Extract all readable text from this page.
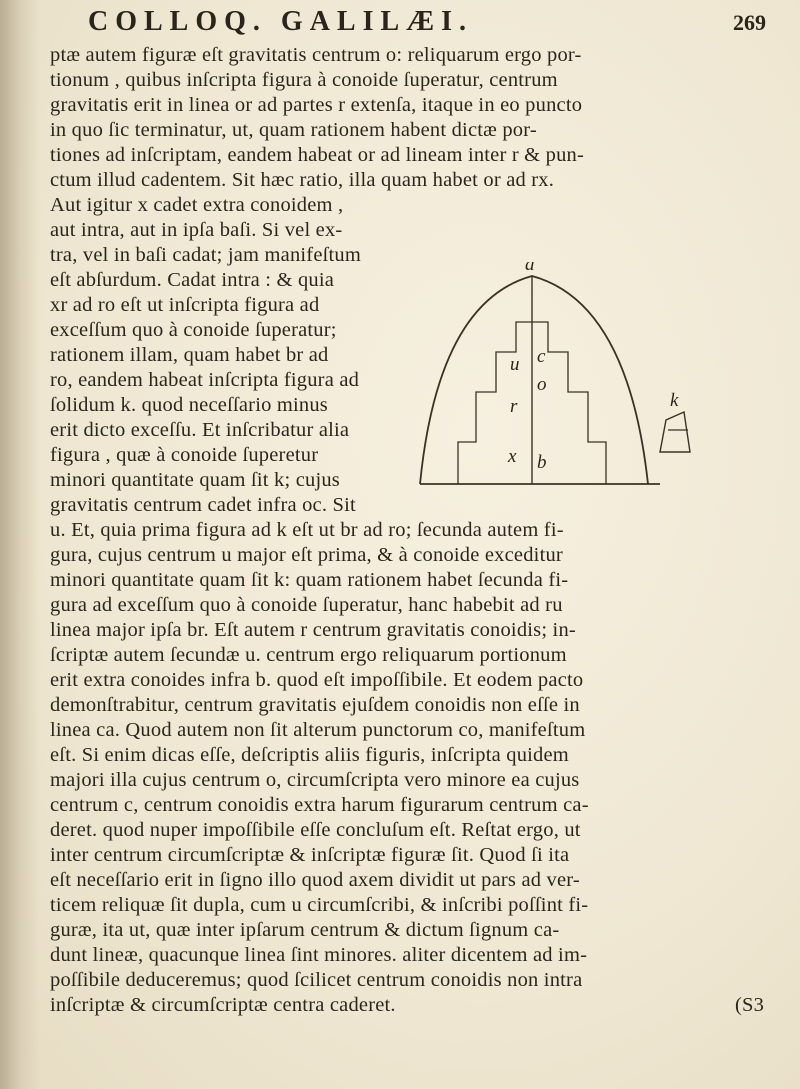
COLLOQ. GALILÆI.	269
ptæ autem figuræ eſt gravitatis centrum o: reliquarum ergo por-
tionum , quibus inſcripta figura à conoide ſuperatur, centrum
gravitatis erit in linea or ad partes r extenſa, itaque in eo puncto
in quo ſic terminatur, ut, quam rationem habent dictæ por-
tiones ad inſcriptam, eandem habeat or ad lineam inter r & pun-
ctum illud cadentem. Sit hæc ratio, illa quam habet or ad rx.
Aut igitur x cadet extra conoidem ,
aut intra, aut in ipſa baſi. Si vel ex-
tra, vel in baſi cadat; jam manifeſtum
eſt abſurdum. Cadat intra : & quia
xr ad ro eſt ut inſcripta figura ad
exceſſum quo à conoide ſuperatur;
rationem illam, quam habet br ad
ro, eandem habeat inſcripta figura ad
ſolidum k. quod neceſſario minus
erit dicto exceſſu. Et inſcribatur alia
figura , quæ à conoide ſuperetur
minori quantitate quam ſit k; cujus
gravitatis centrum cadet infra oc. Sit
u. Et, quia prima figura ad k eſt ut br ad ro; ſecunda autem fi-
gura, cujus centrum u major eſt prima, & à conoide exceditur
minori quantitate quam ſit k: quam rationem habet ſecunda fi-
gura ad exceſſum quo à conoide ſuperatur, hanc habebit ad ru
linea major ipſa br. Eſt autem r centrum gravitatis conoidis; in-
ſcriptæ autem ſecundæ u. centrum ergo reliquarum portionum
erit extra conoides infra b. quod eſt impoſſibile. Et eodem pacto
demonſtrabitur, centrum gravitatis ejuſdem conoidis non eſſe in
linea ca. Quod autem non ſit alterum punctorum co, manifeſtum
eſt. Si enim dicas eſſe, deſcriptis aliis figuris, inſcripta quidem
majori illa cujus centrum o, circumſcripta vero minore ea cujus
centrum c, centrum conoidis extra harum figurarum centrum ca-
deret. quod nuper impoſſibile eſſe concluſum eſt. Reſtat ergo, ut
inter centrum circumſcriptæ & inſcriptæ figuræ ſit. Quod ſi ita
eſt neceſſario erit in ſigno illo quod axem dividit ut pars ad ver-
ticem reliquæ ſit dupla, cum u circumſcribi, & inſcribi poſſint fi-
guræ, ita ut, quæ inter ipſarum centrum & dictum ſignum ca-
dunt lineæ, quacunque linea ſint minores. aliter dicentem ad im-
poſſibile deduceremus; quod ſcilicet centrum conoidis non intra
inſcriptæ & circumſcriptæ centra caderet.	(S3
a
u c
o
r
x b
k
